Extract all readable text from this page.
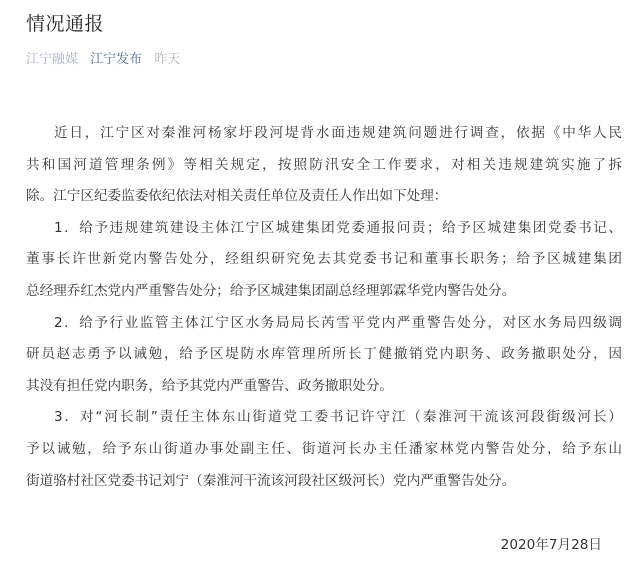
情况通报
江宁融媒 江宁发布 昨天
近日，江宁区对秦淮河杨家圩段河堤背水面违规建筑问题进行调查，依据《中华人民
共和国河道管理条例》等相关规定，按照防汛安全工作要求，对相关违规建筑实施了拆
除。江宁区纪委监委依纪依法对相关责任单位及责任人作出如下处理：
1．给予违规建筑建设主体江宁区城建集团党委通报问责；给予区城建集团党委书记、
董事长许世新党内警告处分，经组织研究免去其党委书记和董事长职务；给予区城建集团
总经理乔红杰党内严重警告处分；给予区城建集团副总经理郭霖华党内警告处分。
2．给予行业监管主体江宁区水务局局长芮雪平党内严重警告处分，对区水务局四级调
研员赵志勇予以诫勉，给予区堤防水库管理所所长丁健撤销党内职务、政务撤职处分，因
其没有担任党内职务，给予其党内严重警告、政务撤职处分。
3．对“河长制”责任主体东山街道党工委书记许守江（秦淮河干流该河段街级河长）
予以诫勉，给予东山街道办事处副主任、街道河长办主任潘家林党内警告处分，给予东山
街道骆村社区党委书记刘宁（秦淮河干流该河段社区级河长）党内严重警告处分。
2020年7月28日
